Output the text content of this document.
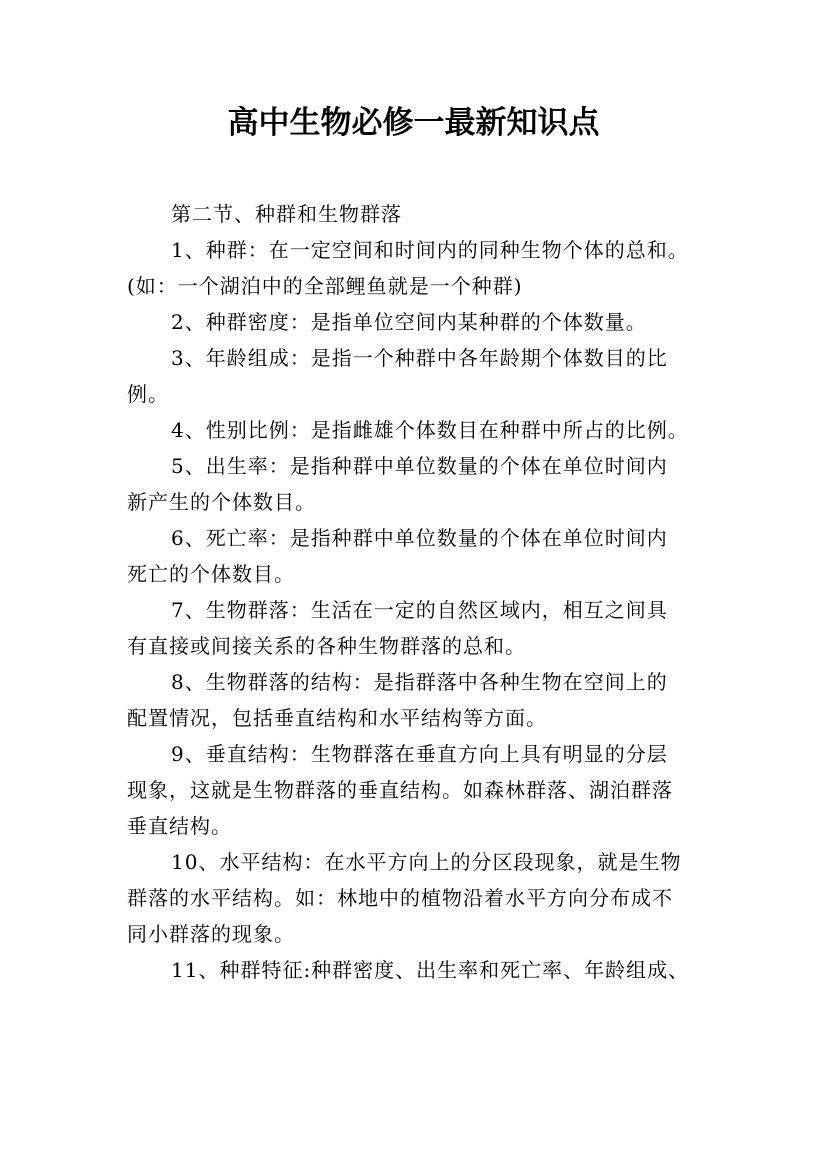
高中生物必修一最新知识点
第二节、种群和生物群落
1、种群：在一定空间和时间内的同种生物个体的总和。
(如：一个湖泊中的全部鲤鱼就是一个种群)
2、种群密度：是指单位空间内某种群的个体数量。
3、年龄组成：是指一个种群中各年龄期个体数目的比
例。
4、性别比例：是指雌雄个体数目在种群中所占的比例。
5、出生率：是指种群中单位数量的个体在单位时间内
新产生的个体数目。
6、死亡率：是指种群中单位数量的个体在单位时间内
死亡的个体数目。
7、生物群落：生活在一定的自然区域内，相互之间具
有直接或间接关系的各种生物群落的总和。
8、生物群落的结构：是指群落中各种生物在空间上的
配置情况，包括垂直结构和水平结构等方面。
9、垂直结构：生物群落在垂直方向上具有明显的分层
现象，这就是生物群落的垂直结构。如森林群落、湖泊群落
垂直结构。
10、水平结构：在水平方向上的分区段现象，就是生物
群落的水平结构。如：林地中的植物沿着水平方向分布成不
同小群落的现象。
11、种群特征:种群密度、出生率和死亡率、年龄组成、
